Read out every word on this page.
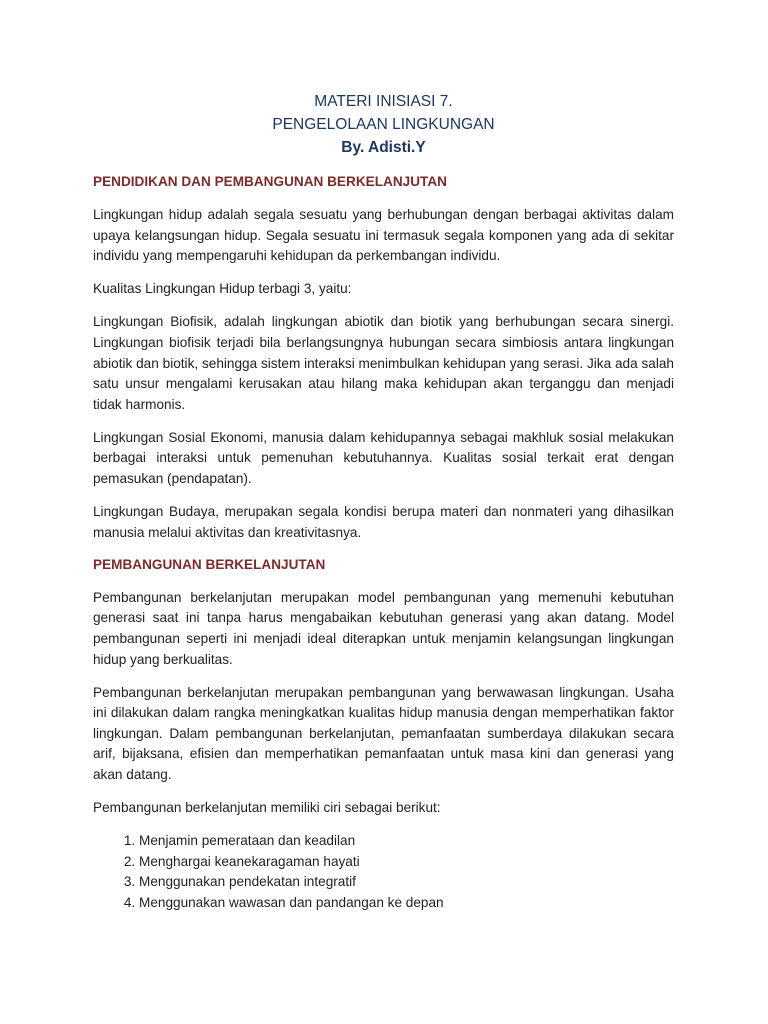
MATERI INISIASI 7.
PENGELOLAAN LINGKUNGAN
By. Adisti.Y
PENDIDIKAN DAN PEMBANGUNAN BERKELANJUTAN

Lingkungan hidup adalah segala sesuatu yang berhubungan dengan berbagai aktivitas dalam upaya kelangsungan hidup. Segala sesuatu ini termasuk segala komponen yang ada di sekitar individu yang mempengaruhi kehidupan da perkembangan individu.

Kualitas Lingkungan Hidup terbagi 3, yaitu:

Lingkungan Biofisik, adalah lingkungan abiotik dan biotik yang berhubungan secara sinergi. Lingkungan biofisik terjadi bila berlangsungnya hubungan secara simbiosis antara lingkungan abiotik dan biotik, sehingga sistem interaksi menimbulkan kehidupan yang serasi. Jika ada salah satu unsur mengalami kerusakan atau hilang maka kehidupan akan terganggu dan menjadi tidak harmonis.

Lingkungan Sosial Ekonomi, manusia dalam kehidupannya sebagai makhluk sosial melakukan berbagai interaksi untuk pemenuhan kebutuhannya. Kualitas sosial terkait erat dengan pemasukan (pendapatan).

Lingkungan Budaya, merupakan segala kondisi berupa materi dan nonmateri yang dihasilkan manusia melalui aktivitas dan kreativitasnya.

PEMBANGUNAN BERKELANJUTAN

Pembangunan berkelanjutan merupakan model pembangunan yang memenuhi kebutuhan generasi saat ini tanpa harus mengabaikan kebutuhan generasi yang akan datang. Model pembangunan seperti ini menjadi ideal diterapkan untuk menjamin kelangsungan lingkungan hidup yang berkualitas.

Pembangunan berkelanjutan merupakan pembangunan yang berwawasan lingkungan. Usaha ini dilakukan dalam rangka meningkatkan kualitas hidup manusia dengan memperhatikan faktor lingkungan. Dalam pembangunan berkelanjutan, pemanfaatan sumberdaya dilakukan secara arif, bijaksana, efisien dan memperhatikan pemanfaatan untuk masa kini dan generasi yang akan datang.

Pembangunan berkelanjutan memiliki ciri sebagai berikut:

1. Menjamin pemerataan dan keadilan
2. Menghargai keanekaragaman hayati
3. Menggunakan pendekatan integratif
4. Menggunakan wawasan dan pandangan ke depan
